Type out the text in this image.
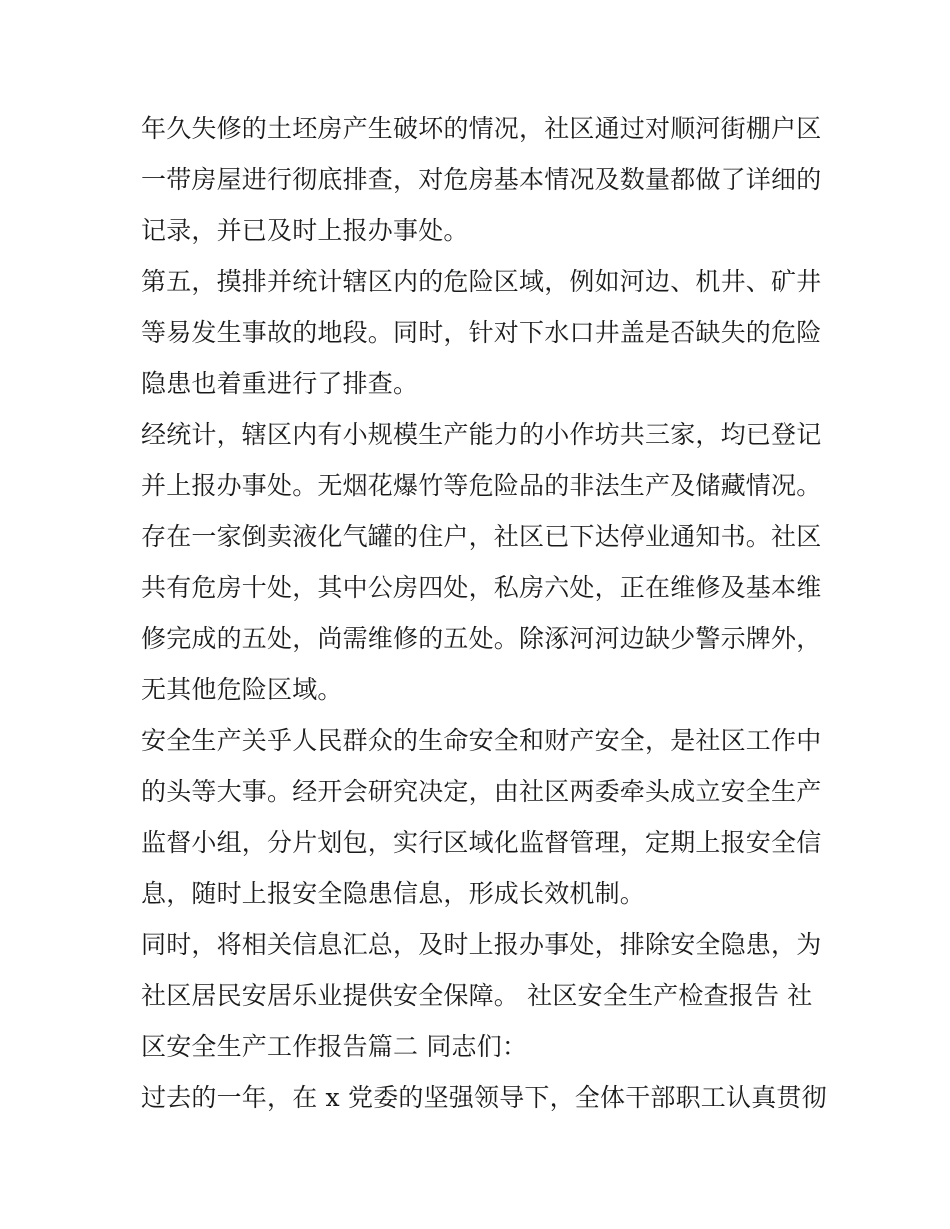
年久失修的土坯房产生破坏的情况，社区通过对顺河街棚户区
一带房屋进行彻底排查，对危房基本情况及数量都做了详细的
记录，并已及时上报办事处。
第五，摸排并统计辖区内的危险区域，例如河边、机井、矿井
等易发生事故的地段。同时，针对下水口井盖是否缺失的危险
隐患也着重进行了排查。
经统计，辖区内有小规模生产能力的小作坊共三家，均已登记
并上报办事处。无烟花爆竹等危险品的非法生产及储藏情况。
存在一家倒卖液化气罐的住户，社区已下达停业通知书。社区
共有危房十处，其中公房四处，私房六处，正在维修及基本维
修完成的五处，尚需维修的五处。除涿河河边缺少警示牌外，
无其他危险区域。
安全生产关乎人民群众的生命安全和财产安全，是社区工作中
的头等大事。经开会研究决定，由社区两委牵头成立安全生产
监督小组，分片划包，实行区域化监督管理，定期上报安全信
息，随时上报安全隐患信息，形成长效机制。
同时，将相关信息汇总，及时上报办事处，排除安全隐患，为
社区居民安居乐业提供安全保障。 社区安全生产检查报告 社
区安全生产工作报告篇二 同志们：
过去的一年，在 x 党委的坚强领导下，全体干部职工认真贯彻
